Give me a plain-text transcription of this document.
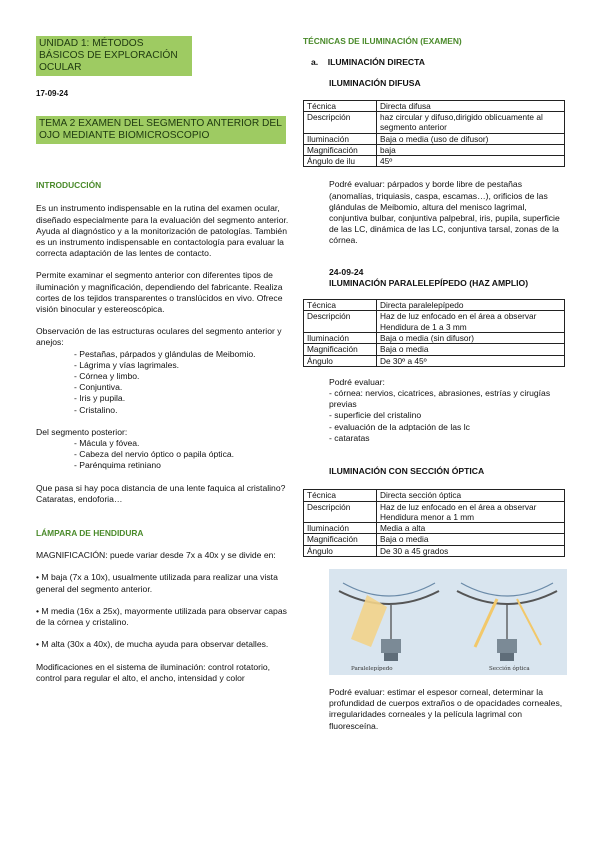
UNIDAD 1: MÉTODOS BÁSICOS DE EXPLORACIÓN OCULAR

17-09-24

TEMA 2 EXAMEN DEL SEGMENTO ANTERIOR DEL OJO MEDIANTE BIOMICROSCOPIO

INTRODUCCIÓN

Es un instrumento indispensable en la rutina del examen ocular, diseñado especialmente para la evaluación del segmento anterior. Ayuda al diagnóstico y a la monitorización de patologías. También es un instrumento indispensable en contactología para evaluar la correcta adaptación de las lentes de contacto.

Permite examinar el segmento anterior con diferentes tipos de iluminación y magnificación, dependiendo del fabricante. Realiza cortes de los tejidos transparentes o translúcidos en vivo. Ofrece visión binocular y estereoscópica.

Observación de las estructuras oculares del segmento anterior y anejos:

- Pestañas, párpados y glándulas de Meibomio.

- Lágrima y vías lagrimales.

- Córnea y limbo.

- Conjuntiva.

- Iris y pupila.

- Cristalino.

Del segmento posterior:

- Mácula y fóvea.

- Cabeza del nervio óptico o papila óptica.

- Parénquima retiniano

Que pasa si hay poca distancia de una lente faquica al cristalino? Cataratas, endoforia…

LÁMPARA DE HENDIDURA

MAGNIFICACIÓN: puede variar desde 7x a 40x y se divide en:

• M baja (7x a 10x), usualmente utilizada para realizar una vista general del segmento anterior.

• M media (16x a 25x), mayormente utilizada para observar capas de la córnea y cristalino.

• M alta (30x a 40x), de mucha ayuda para observar detalles.

Modificaciones en el sistema de iluminación: control rotatorio, control para regular el alto, el ancho, intensidad y color

TÉCNICAS DE ILUMINACIÓN (EXAMEN)

a.    ILUMINACIÓN DIRECTA

ILUMINACIÓN DIFUSA

Técnica	Directa difusa
Descripción	haz circular y difuso,dirigido oblicuamente al segmento anterior
Iluminación	Baja o media (uso de difusor)
Magnificación	baja
Ángulo de ilu	45º

Podré evaluar: párpados y borde libre de pestañas (anomalías, triquiasis, caspa, escamas…), orificios de las glándulas de Meibomio, altura del menisco lagrimal, conjuntiva bulbar, conjuntiva palpebral, iris, pupila, superficie de las LC, dinámica de las LC, conjuntiva tarsal, zonas de la córnea.

24-09-24

ILUMINACIÓN PARALELEPÍPEDO (HAZ AMPLIO)

Técnica	Directa paralelepípedo
Descripción	Haz de luz enfocado en el área a observar Hendidura de 1 a 3 mm
Iluminación	Baja o media (sin difusor)
Magnificación	Baja o media
Ángulo	De 30º a 45º

Podré evaluar:

- córnea: nervios, cicatrices, abrasiones, estrías y cirugías previas

- superficie del cristalino

- evaluación de la adptación de las lc

- cataratas

ILUMINACIÓN CON SECCIÓN ÓPTICA

Técnica	Directa sección óptica
Descripción	Haz de luz enfocado en el área a observar Hendidura menor a 1 mm
Iluminación	Media a alta
Magnificación	Baja o media
Ángulo	De 30 a 45 grados
Paralelepípedo	Sección óptica

Podré evaluar: estimar el espesor corneal, determinar la profundidad de cuerpos extraños o de opacidades corneales, irregularidades corneales y la película lagrimal con fluoresceína.
